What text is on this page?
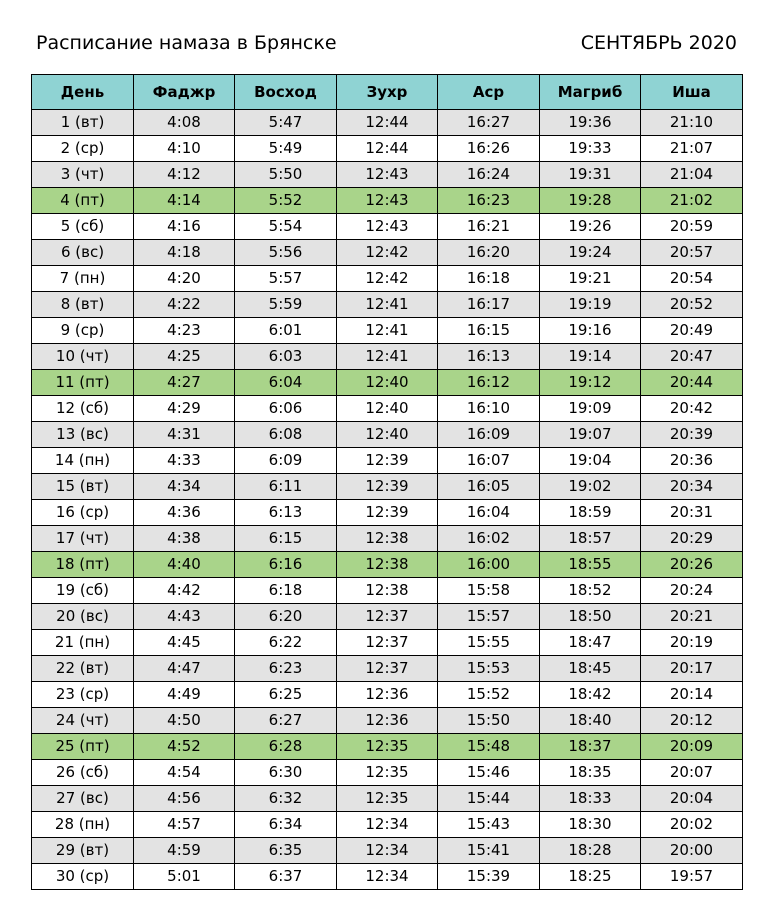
Расписание намаза в Брянске	СЕНТЯБРЬ 2020
День	Фаджр	Восход	Зухр	Аср	Магриб	Иша
1 (вт)	4:08	5:47	12:44	16:27	19:36	21:10
2 (ср)	4:10	5:49	12:44	16:26	19:33	21:07
3 (чт)	4:12	5:50	12:43	16:24	19:31	21:04
4 (пт)	4:14	5:52	12:43	16:23	19:28	21:02
5 (сб)	4:16	5:54	12:43	16:21	19:26	20:59
6 (вс)	4:18	5:56	12:42	16:20	19:24	20:57
7 (пн)	4:20	5:57	12:42	16:18	19:21	20:54
8 (вт)	4:22	5:59	12:41	16:17	19:19	20:52
9 (ср)	4:23	6:01	12:41	16:15	19:16	20:49
10 (чт)	4:25	6:03	12:41	16:13	19:14	20:47
11 (пт)	4:27	6:04	12:40	16:12	19:12	20:44
12 (сб)	4:29	6:06	12:40	16:10	19:09	20:42
13 (вс)	4:31	6:08	12:40	16:09	19:07	20:39
14 (пн)	4:33	6:09	12:39	16:07	19:04	20:36
15 (вт)	4:34	6:11	12:39	16:05	19:02	20:34
16 (ср)	4:36	6:13	12:39	16:04	18:59	20:31
17 (чт)	4:38	6:15	12:38	16:02	18:57	20:29
18 (пт)	4:40	6:16	12:38	16:00	18:55	20:26
19 (сб)	4:42	6:18	12:38	15:58	18:52	20:24
20 (вс)	4:43	6:20	12:37	15:57	18:50	20:21
21 (пн)	4:45	6:22	12:37	15:55	18:47	20:19
22 (вт)	4:47	6:23	12:37	15:53	18:45	20:17
23 (ср)	4:49	6:25	12:36	15:52	18:42	20:14
24 (чт)	4:50	6:27	12:36	15:50	18:40	20:12
25 (пт)	4:52	6:28	12:35	15:48	18:37	20:09
26 (сб)	4:54	6:30	12:35	15:46	18:35	20:07
27 (вс)	4:56	6:32	12:35	15:44	18:33	20:04
28 (пн)	4:57	6:34	12:34	15:43	18:30	20:02
29 (вт)	4:59	6:35	12:34	15:41	18:28	20:00
30 (ср)	5:01	6:37	12:34	15:39	18:25	19:57
